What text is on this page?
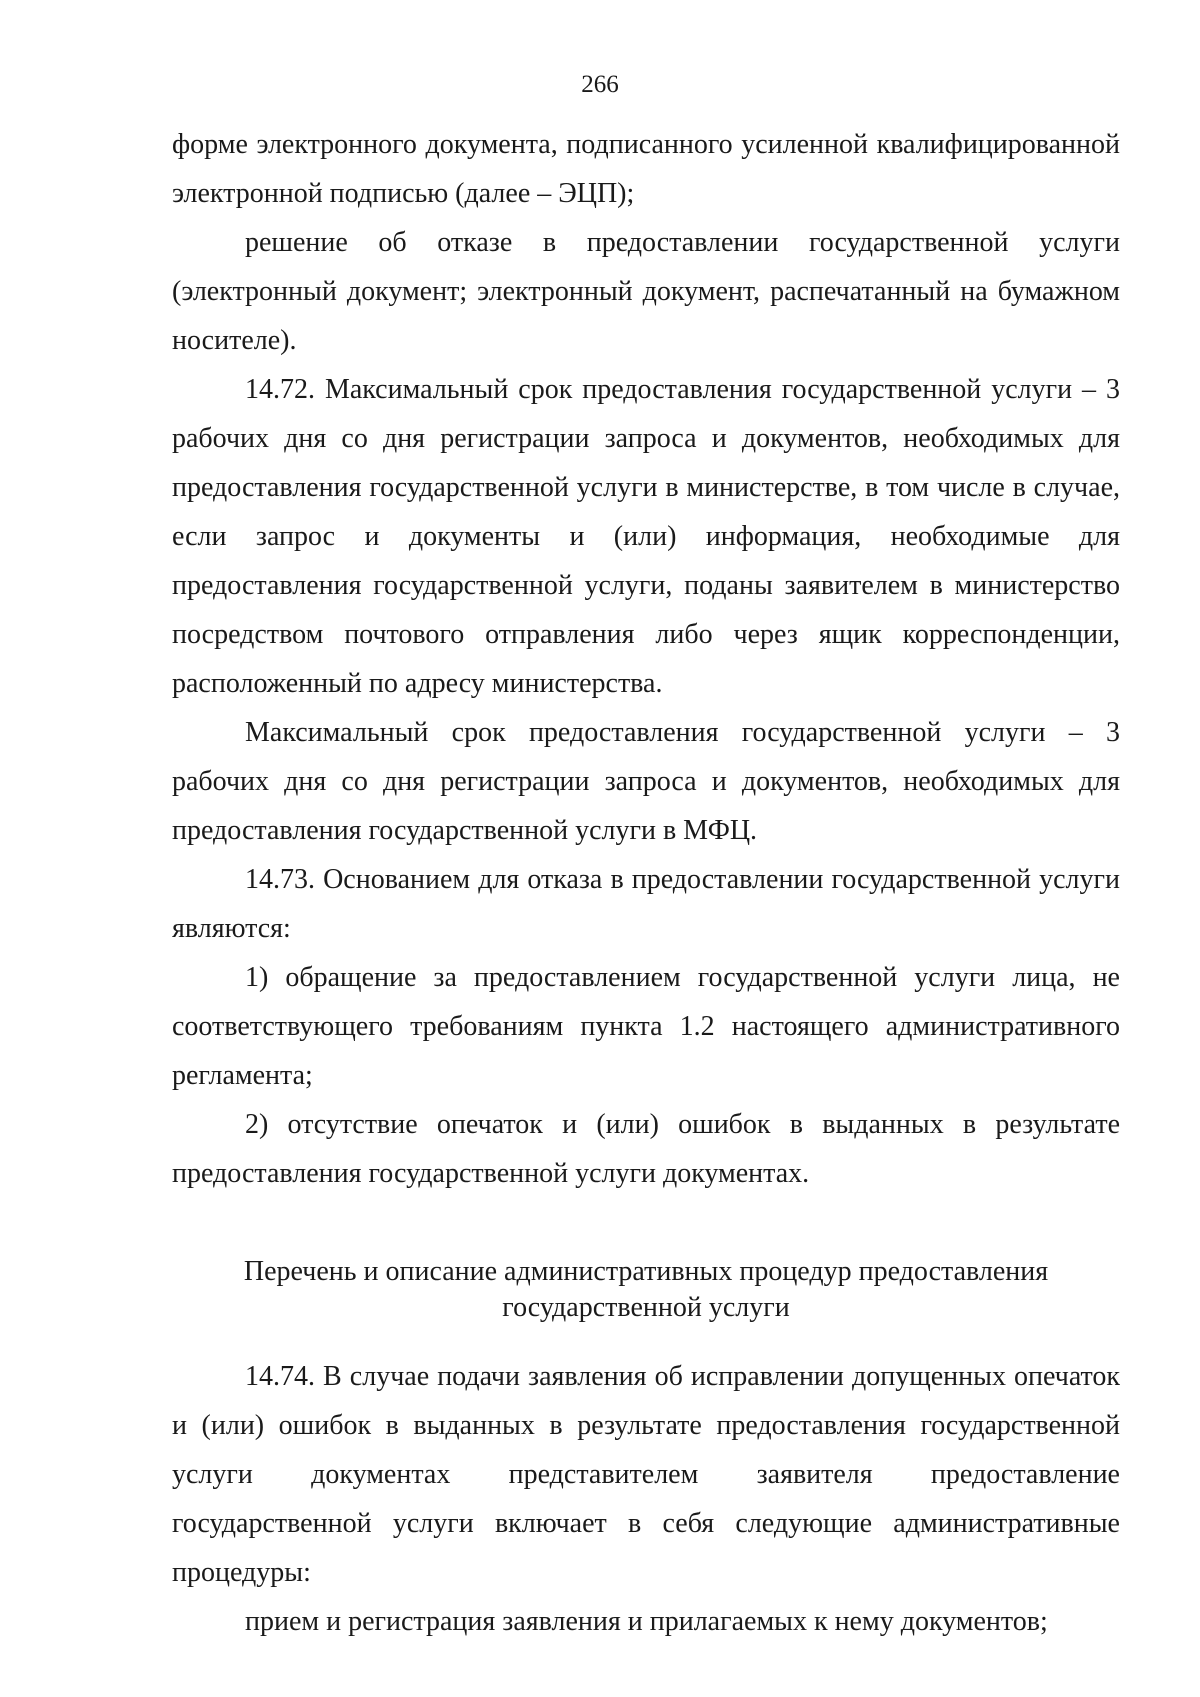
266

форме электронного документа, подписанного усиленной квалифицированной электронной подписью (далее – ЭЦП);

решение об отказе в предоставлении государственной услуги (электронный документ; электронный документ, распечатанный на бумажном носителе).

14.72. Максимальный срок предоставления государственной услуги – 3 рабочих дня со дня регистрации запроса и документов, необходимых для предоставления государственной услуги в министерстве, в том числе в случае, если запрос и документы и (или) информация, необходимые для предоставления государственной услуги, поданы заявителем в министерство посредством почтового отправления либо через ящик корреспонденции, расположенный по адресу министерства.

Максимальный срок предоставления государственной услуги – 3 рабочих дня со дня регистрации запроса и документов, необходимых для предоставления государственной услуги в МФЦ.

14.73. Основанием для отказа в предоставлении государственной услуги являются:

1) обращение за предоставлением государственной услуги лица, не соответствующего требованиям пункта 1.2 настоящего административного регламента;

2) отсутствие опечаток и (или) ошибок в выданных в результате предоставления государственной услуги документах.

Перечень и описание административных процедур предоставления
государственной услуги

14.74. В случае подачи заявления об исправлении допущенных опечаток и (или) ошибок в выданных в результате предоставления государственной услуги документах представителем заявителя предоставление государственной услуги включает в себя следующие административные процедуры:

прием и регистрация заявления и прилагаемых к нему документов;
